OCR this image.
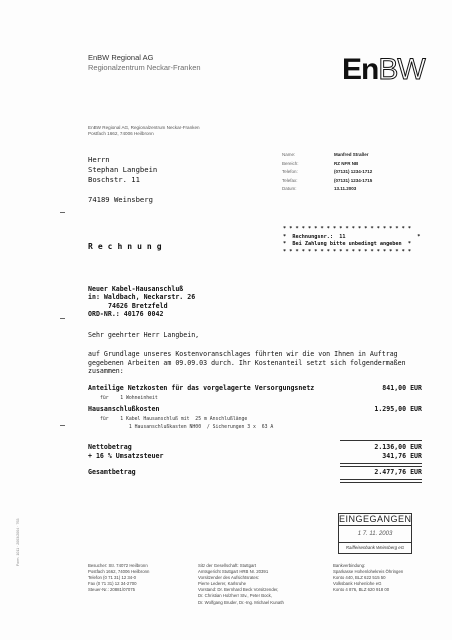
EnBW Regional AG
Regionalzentrum Neckar-Franken	EnBW
EnBW Regional AG, Regionalzentrum Neckar-Franken
Postfach 1662, 74006 Heilbronn
Herrn
Stephan Langbein
Boschstr. 11
74189 Weinsberg
Name:	Manfred Straßer
Bereich:	RZ NFR NB
Telefon:	(07131) 1234-1712
Telefax:	(07131) 1234-1715
Datum:	13.11.2003
Rechnung
* * * * * * * * * * * * * * * * * * * * *
*  Rechnungsnr.:  11                       *
*  Bei Zahlung bitte unbedingt angeben  *
* * * * * * * * * * * * * * * * * * * * *
Neuer Kabel-Hausanschluß
in: Waldbach, Neckarstr. 26
74626 Bretzfeld
ORD-NR.: 40176 0042
Sehr geehrter Herr Langbein,
auf Grundlage unseres Kostenvoranschlages führten wir die von Ihnen in Auftrag gegebenen Arbeiten am 09.09.03 durch. Ihr Kostenanteil setzt sich folgendermaßen zusammen:
Anteilige Netzkosten für das vorgelagerte Versorgungsnetz	841,00 EUR
für    1 Wohneinheit
Hausanschlußkosten	1.295,00 EUR
für    1 Kabel Hausanschluß mit  25 m Anschlußlänge
1 Hausanschlußkasten NH00  / Sicherungen 3 x  63 A
Nettobetrag	2.136,00 EUR
+ 16 % Umsatzsteuer	341,76 EUR
Gesamtbetrag	2.477,76 EUR
EINGEGANGEN
1 7. 11. 2003
Raiffeisenbank Weinsberg eG
Besucher: Str. 74072 Heilbronn
Postfach 1662, 74006 Heilbronn
Telefon (0 71 31) 12 34-0
Fax (0 71 31) 12 34-2700
Steuer-Nr.: 20881/07075
Sitz der Gesellschaft: Stuttgart
Amtsgericht Stuttgart HRB Nr. 20391
Vorsitzender des Aufsichtsrates:
Pierre Lederer, Karlsruhe
Vorstand: Dr. Bernhard Beck Vorsitzender,
Dr. Christian Holzherr Stv., Peter Bock,
Dr. Wolfgang Bruder, Dr.-Ing. Michael Kunath
Bankverbindung:
Sparkasse Hohenlohekreis Öhringen
Konto 440, BLZ 622 515 50
Volksbank Hohenlohe eG
Konto 4 876, BLZ 620 918 00
Form. 1011 · 2003/2004 · 763
